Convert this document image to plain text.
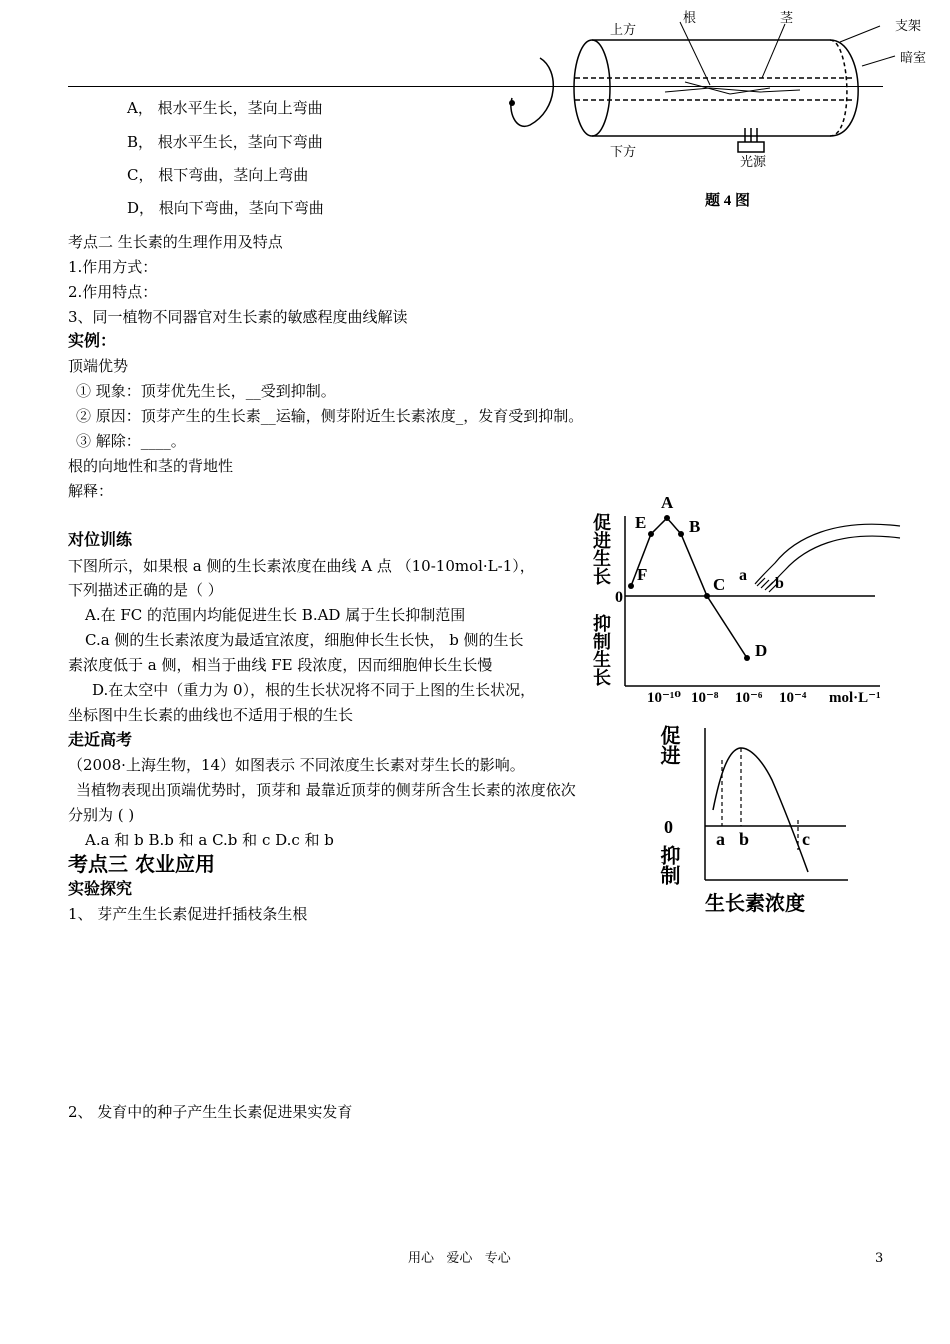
上方
根	茎
支架
暗室
下方
光源
题 4 图
A， 根水平生长，茎向上弯曲
B， 根水平生长，茎向下弯曲
C， 根下弯曲，茎向上弯曲
D， 根向下弯曲，茎向下弯曲
考点二 生长素的生理作用及特点
1.作用方式：
2.作用特点：
3、同一植物不同器官对生长素的敏感程度曲线解读
实例：
顶端优势
① 现象：顶芽优先生长，__受到抑制。
② 原因：顶芽产生的生长素__运输，侧芽附近生长素浓度_，发育受到抑制。
③ 解除：____。
根的向地性和茎的背地性
解释：
对位训练
下图所示，如果根 a 侧的生长素浓度在曲线 A 点 （10-10mol·L-1），
下列描述正确的是（ ）
A.在 FC 的范围内均能促进生长 B.AD 属于生长抑制范围
C.a 侧的生长素浓度为最适宜浓度，细胞伸长生长快， b 侧的生长
素浓度低于 a 侧，相当于曲线 FE 段浓度，因而细胞伸长生长慢
D.在太空中（重力为 0），根的生长状况将不同于上图的生长状况，
坐标图中生长素的曲线也不适用于根的生长
走近高考
（2008·上海生物，14）如图表示 不同浓度生长素对芽生长的影响。
当植物表现出顶端优势时，顶芽和 最靠近顶芽的侧芽所含生长素的浓度依次
分别为 ( )
A.a 和 b B.b 和 a C.b 和 c D.c 和 b
考点三 农业应用
实验探究
1、 芽产生生长素促进扦插枝条生根
2、 发育中的种子产生生长素促进果实发育
F
E
A
B
C
D
促进生长
抑制生长
0
10⁻¹⁰ 10⁻⁸ 10⁻⁶ 10⁻⁴ mol·L⁻¹
a b
促进
抑制
0
a b	c
生长素浓度
用心   爱心   专心	3
